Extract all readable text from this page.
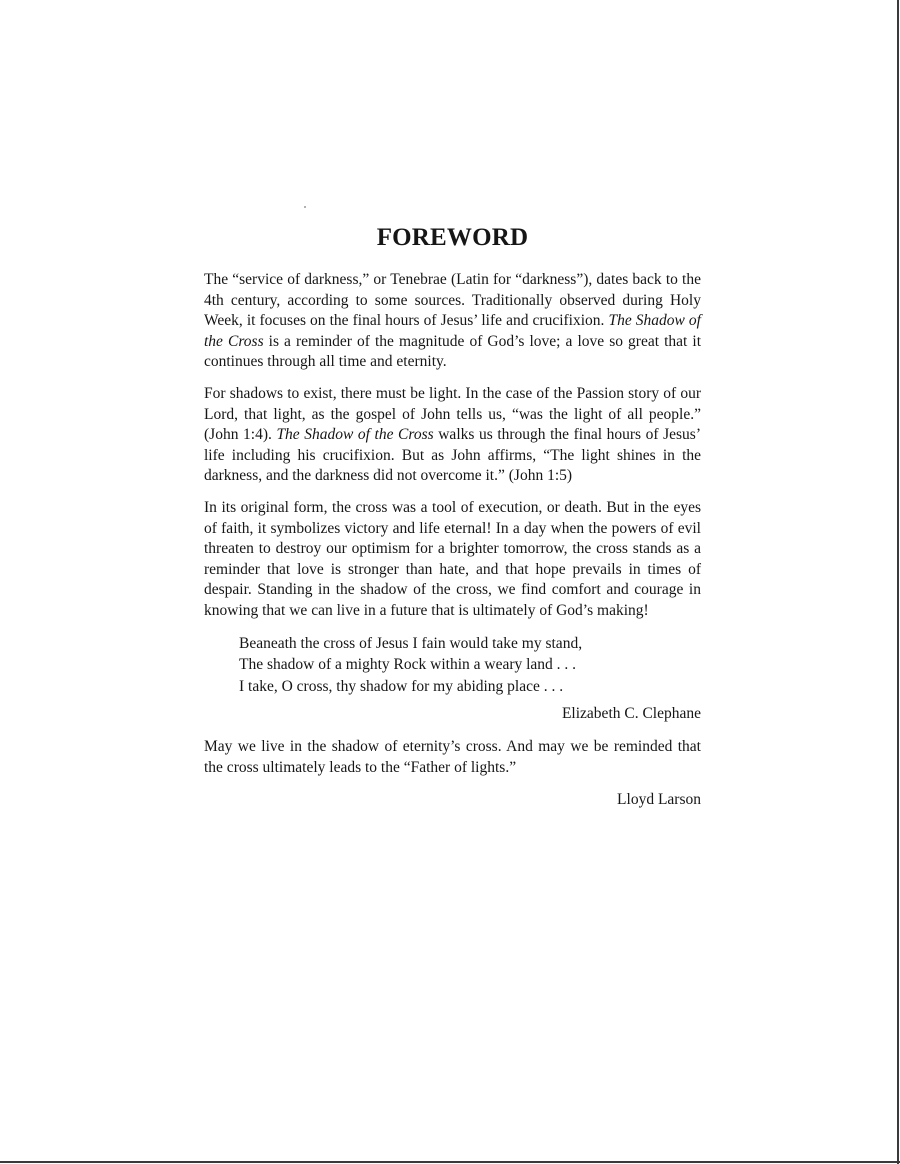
FOREWORD

The “service of darkness,” or Tenebrae (Latin for “darkness”), dates back to the 4th century, according to some sources. Traditionally observed during Holy Week, it focuses on the final hours of Jesus’ life and crucifixion. The Shadow of the Cross is a reminder of the magnitude of God’s love; a love so great that it continues through all time and eternity.

For shadows to exist, there must be light. In the case of the Passion story of our Lord, that light, as the gospel of John tells us, “was the light of all people.” (John 1:4). The Shadow of the Cross walks us through the final hours of Jesus’ life including his crucifixion. But as John affirms, “The light shines in the darkness, and the darkness did not overcome it.” (John 1:5)

In its original form, the cross was a tool of execution, or death. But in the eyes of faith, it symbolizes victory and life eternal! In a day when the powers of evil threaten to destroy our optimism for a brighter tomorrow, the cross stands as a reminder that love is stronger than hate, and that hope prevails in times of despair. Standing in the shadow of the cross, we find comfort and courage in knowing that we can live in a future that is ultimately of God’s making!

Beaneath the cross of Jesus I fain would take my stand,
The shadow of a mighty Rock within a weary land . . .
I take, O cross, thy shadow for my abiding place . . .
Elizabeth C. Clephane

May we live in the shadow of eternity’s cross. And may we be reminded that the cross ultimately leads to the “Father of lights.”

Lloyd Larson
